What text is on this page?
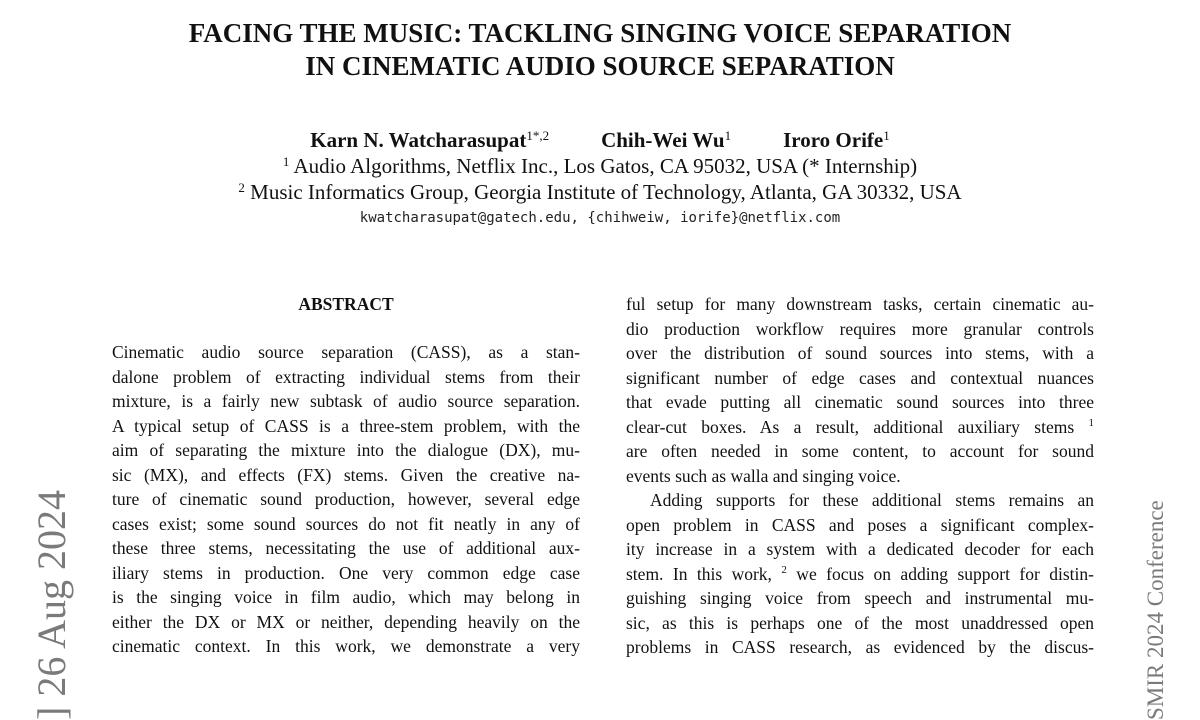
FACING THE MUSIC: TACKLING SINGING VOICE SEPARATION
IN CINEMATIC AUDIO SOURCE SEPARATION
Karn N. Watcharasupat$^{1*,2}$ Chih-Wei Wu$^1$ Iroro Orife$^1$
$^1$ Audio Algorithms, Netflix Inc., Los Gatos, CA 95032, USA (* Internship)
$^2$ Music Informatics Group, Georgia Institute of Technology, Atlanta, GA 30332, USA
kwatcharasupat@gatech.edu, {chihweiw, iorife}@netflix.com
ABSTRACT
Cinematic audio source separation (CASS), as a stan-
dalone problem of extracting individual stems from their
mixture, is a fairly new subtask of audio source separation.
A typical setup of CASS is a three-stem problem, with the
aim of separating the mixture into the dialogue (DX), mu-
sic (MX), and effects (FX) stems. Given the creative na-
ture of cinematic sound production, however, several edge
cases exist; some sound sources do not fit neatly in any of
these three stems, necessitating the use of additional aux-
iliary stems in production. One very common edge case
is the singing voice in film audio, which may belong in
either the DX or MX or neither, depending heavily on the
cinematic context. In this work, we demonstrate a very
ful setup for many downstream tasks, certain cinematic au-
dio production workflow requires more granular controls
over the distribution of sound sources into stems, with a
significant number of edge cases and contextual nuances
that evade putting all cinematic sound sources into three
clear-cut boxes. As a result, additional auxiliary stems $^1$
are often needed in some content, to account for sound
events such as walla and singing voice.
Adding supports for these additional stems remains an
open problem in CASS and poses a significant complex-
ity increase in a system with a dedicated decoder for each
stem. In this work, $^2$ we focus on adding support for distin-
guishing singing voice from speech and instrumental mu-
sic, as this is perhaps one of the most unaddressed open
problems in CASS research, as evidenced by the discus-
] 26 Aug 2024	SMIR 2024 Conference
